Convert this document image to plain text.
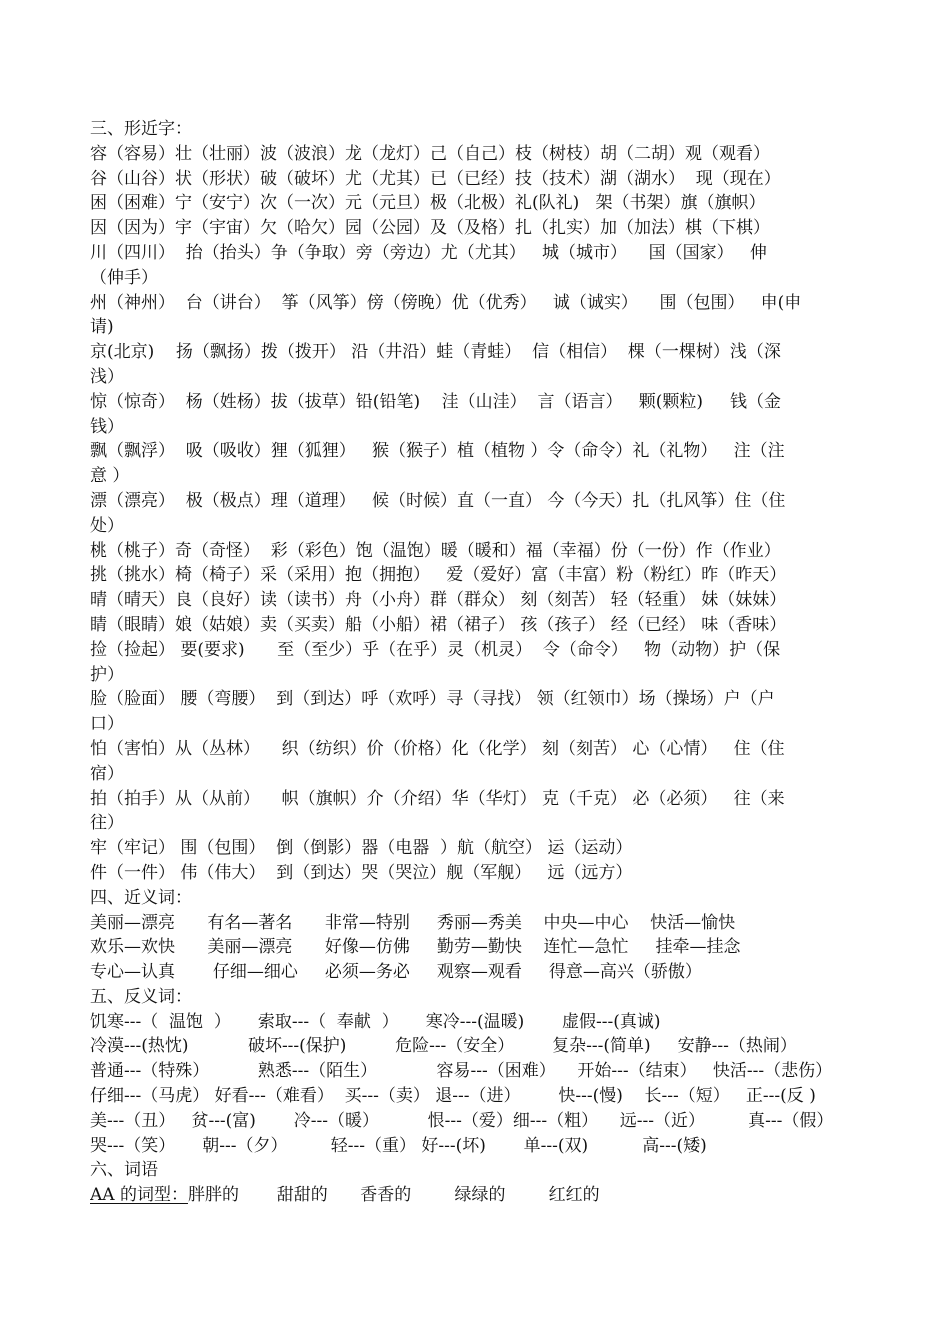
三、形近字：
容（容易）壮（壮丽）波（波浪）龙（龙灯）己（自己）枝（树枝）胡（二胡）观（观看）
谷（山谷）状（形状）破（破坏）尤（尤其）已（已经）技（技术）湖（湖水）  现（现在）
困（困难）宁（安宁）次（一次）元（元旦）极（北极）礼(队礼)   架（书架）旗（旗帜）
因（因为）宇（宇宙）欠（哈欠）园（公园）及（及格）扎（扎实）加（加法）棋（下棋）
川（四川）  抬（抬头）争（争取）旁（旁边）尤（尤其）   城（城市）    国（国家）   伸
（伸手）
州（神州）  台（讲台）  筝（风筝）傍（傍晚）优（优秀）   诚（诚实）    围（包围）   申(申
请)
京(北京)    扬（飘扬）拨（拨开） 沿（井沿）蛙（青蛙）  信（相信）  棵（一棵树）浅（深
浅）
惊（惊奇）  杨（姓杨）拔（拔草）铅(铅笔)    洼（山洼）  言（语言）   颗(颗粒)     钱（金
钱）
飘（飘浮）  吸（吸收）狸（狐狸）   猴（猴子）植（植物 ）令（命令）礼（礼物）   注（注
意 ）
漂（漂亮）  极（极点）理（道理）   候（时候）直（一直） 今（今天）扎（扎风筝）住（住
处）
桃（桃子）奇（奇怪）  彩（彩色）饱（温饱）暖（暖和）福（幸福）份（一份）作（作业）
挑（挑水）椅（椅子）采（采用）抱（拥抱）   爱（爱好）富（丰富）粉（粉红）昨（昨天）
晴（晴天）良（良好）读（读书）舟（小舟）群（群众） 刻（刻苦） 轻（轻重） 妹（妹妹）
睛（眼睛）娘（姑娘）卖（买卖）船（小船）裙（裙子） 孩（孩子） 经（已经） 味（香味）
捡（捡起） 要(要求)      至（至少）乎（在乎）灵（机灵）  令（命令）   物（动物）护（保
护）
脸（脸面） 腰（弯腰）  到（到达）呼（欢呼）寻（寻找） 领（红领巾）场（操场）户（户
口）
怕（害怕）从（丛林）    织（纺织）价（价格）化（化学） 刻（刻苦） 心（心情）   住（住
宿）
拍（拍手）从（从前）    帜（旗帜）介（介绍）华（华灯） 克（千克） 必（必须）   往（来
往）
牢（牢记） 围（包围）  倒（倒影）器（电器  ）航（航空） 运（运动）
件（一件） 伟（伟大）  到（到达）哭（哭泣）舰（军舰）   远（远方）
四、近义词：
美丽—漂亮      有名—著名      非常—特别     秀丽—秀美    中央—中心    快活—愉快
欢乐—欢快      美丽—漂亮      好像—仿佛     勤劳—勤快    连忙—急忙     挂牵—挂念
专心—认真       仔细—细心     必须—务必     观察—观看     得意—高兴（骄傲）
五、反义词：
饥寒---（  温饱  ）     索取---（  奉献  ）     寒冷---(温暖)       虚假---(真诚)
冷漠---(热忱)           破坏---(保护)         危险---（安全）       复杂---(简单)     安静---（热闹）
普通---（特殊）         熟悉---（陌生）           容易---（困难）    开始---（结束）   快活---（悲伤）
仔细---（马虎） 好看---（难看）  买---（卖） 退---（进）       快---(慢)    长---（短）   正---(反 )
美---（丑）   贫---(富)       冷---（暖）         恨---（爱）细---（粗）    远---（近）        真---（假）
哭---（笑）     朝---（夕）        轻---（重） 好---(坏)       单---(双)          高---(矮)
六、词语
AA 的词型：胖胖的       甜甜的      香香的        绿绿的        红红的
